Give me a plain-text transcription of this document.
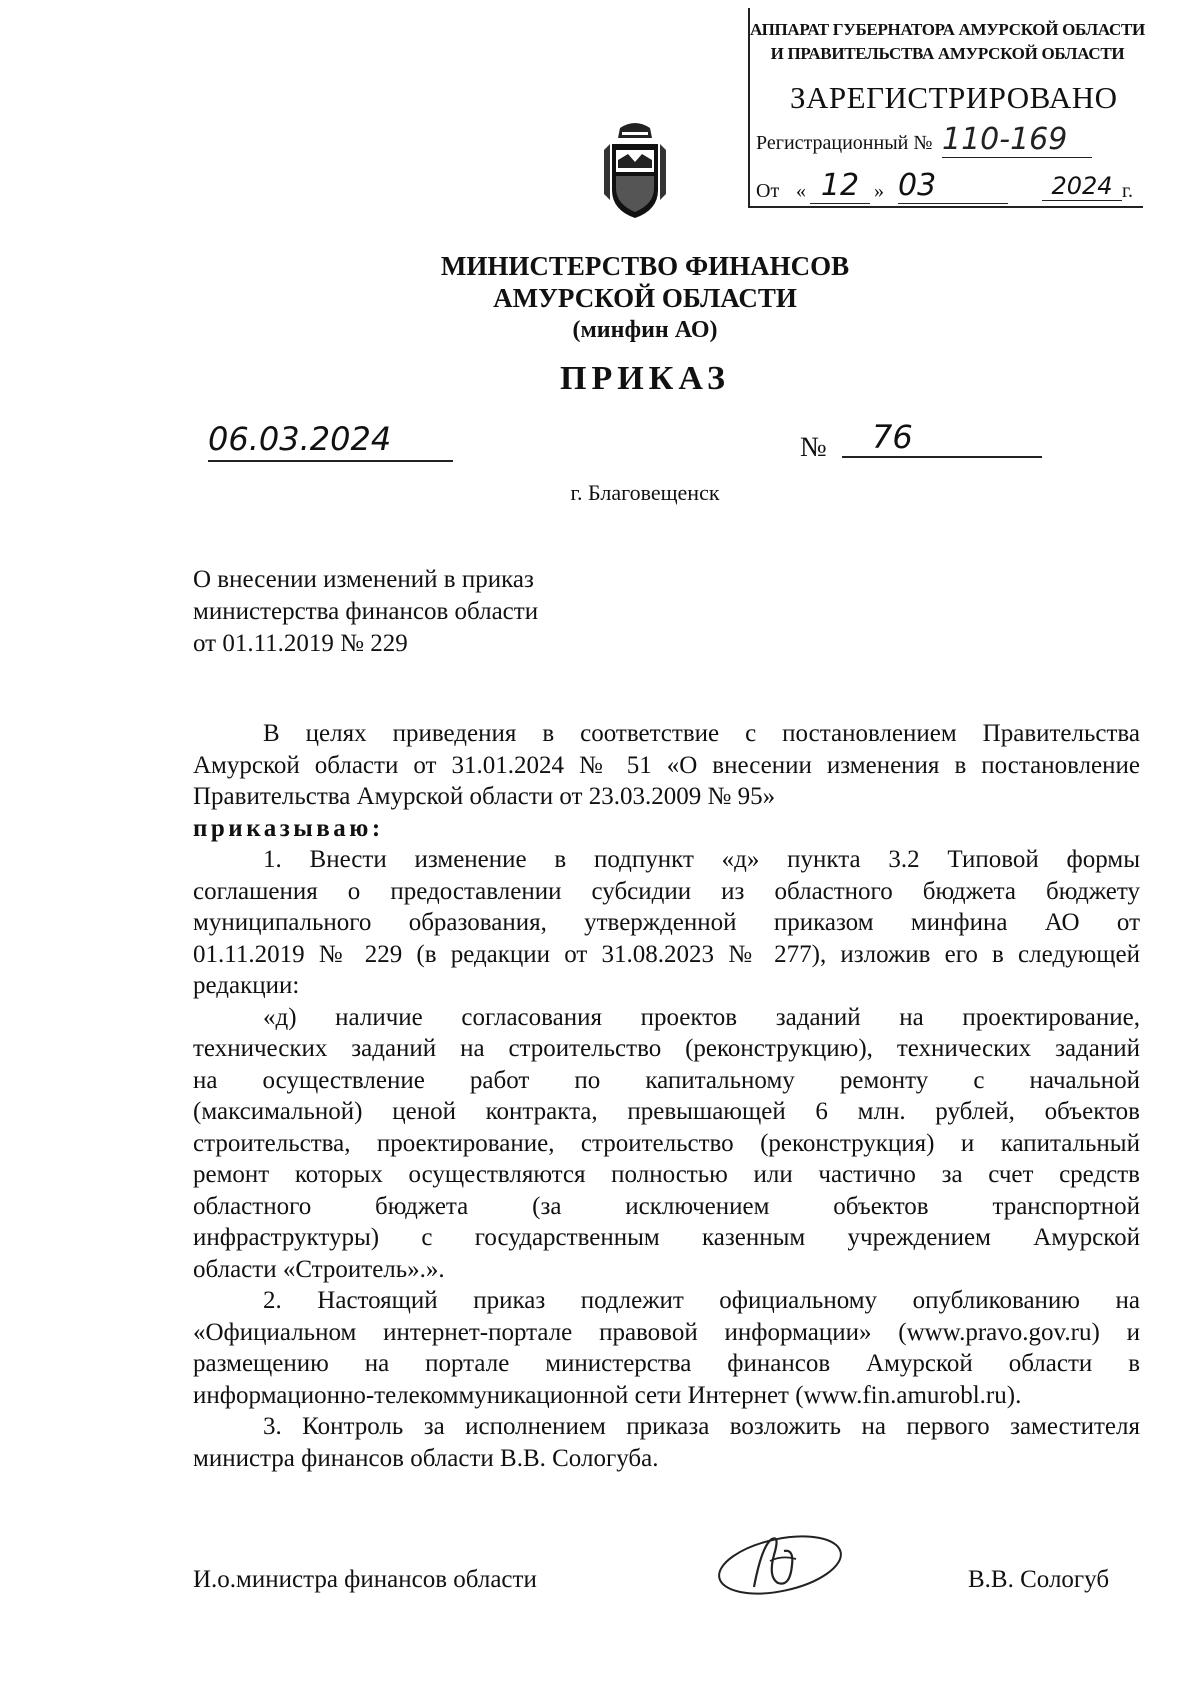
АППАРАТ ГУБЕРНАТОРА АМУРСКОЙ ОБЛАСТИ
И ПРАВИТЕЛЬСТВА АМУРСКОЙ ОБЛАСТИ
ЗАРЕГИСТРИРОВАНО
Регистрационный № 110-169
От « 12 » 03	2024 г.
МИНИСТЕРСТВО ФИНАНСОВ
АМУРСКОЙ ОБЛАСТИ
(минфин АО)
ПРИКАЗ
06.03.2024	№	76
г. Благовещенск
О внесении изменений в приказ
министерства финансов области
от 01.11.2019 № 229

В целях приведения в соответствие с постановлением Правительства

Амурской области от 31.01.2024 № 51 «О внесении изменения в постановление

Правительства Амурской области от 23.03.2009 № 95»

приказываю:

1. Внести изменение в подпункт «д» пункта 3.2 Типовой формы

соглашения о предоставлении субсидии из областного бюджета бюджету

муниципального образования, утвержденной приказом минфина АО от

01.11.2019 № 229 (в редакции от 31.08.2023 № 277), изложив его в следующей

редакции:

«д) наличие согласования проектов заданий на проектирование,

технических заданий на строительство (реконструкцию), технических заданий

на осуществление работ по капитальному ремонту с начальной

(максимальной) ценой контракта, превышающей 6 млн. рублей, объектов

строительства, проектирование, строительство (реконструкция) и капитальный

ремонт которых осуществляются полностью или частично за счет средств

областного бюджета (за исключением объектов транспортной

инфраструктуры) с государственным казенным учреждением Амурской

области «Строитель».».

2. Настоящий приказ подлежит официальному опубликованию на

«Официальном интернет-портале правовой информации» (www.pravo.gov.ru) и

размещению на портале министерства финансов Амурской области в

информационно-телекоммуникационной сети Интернет (www.fin.amurobl.ru).

3. Контроль за исполнением приказа возложить на первого заместителя

министра финансов области В.В. Сологуба.

И.о.министра финансов области	В.В. Сологуб
